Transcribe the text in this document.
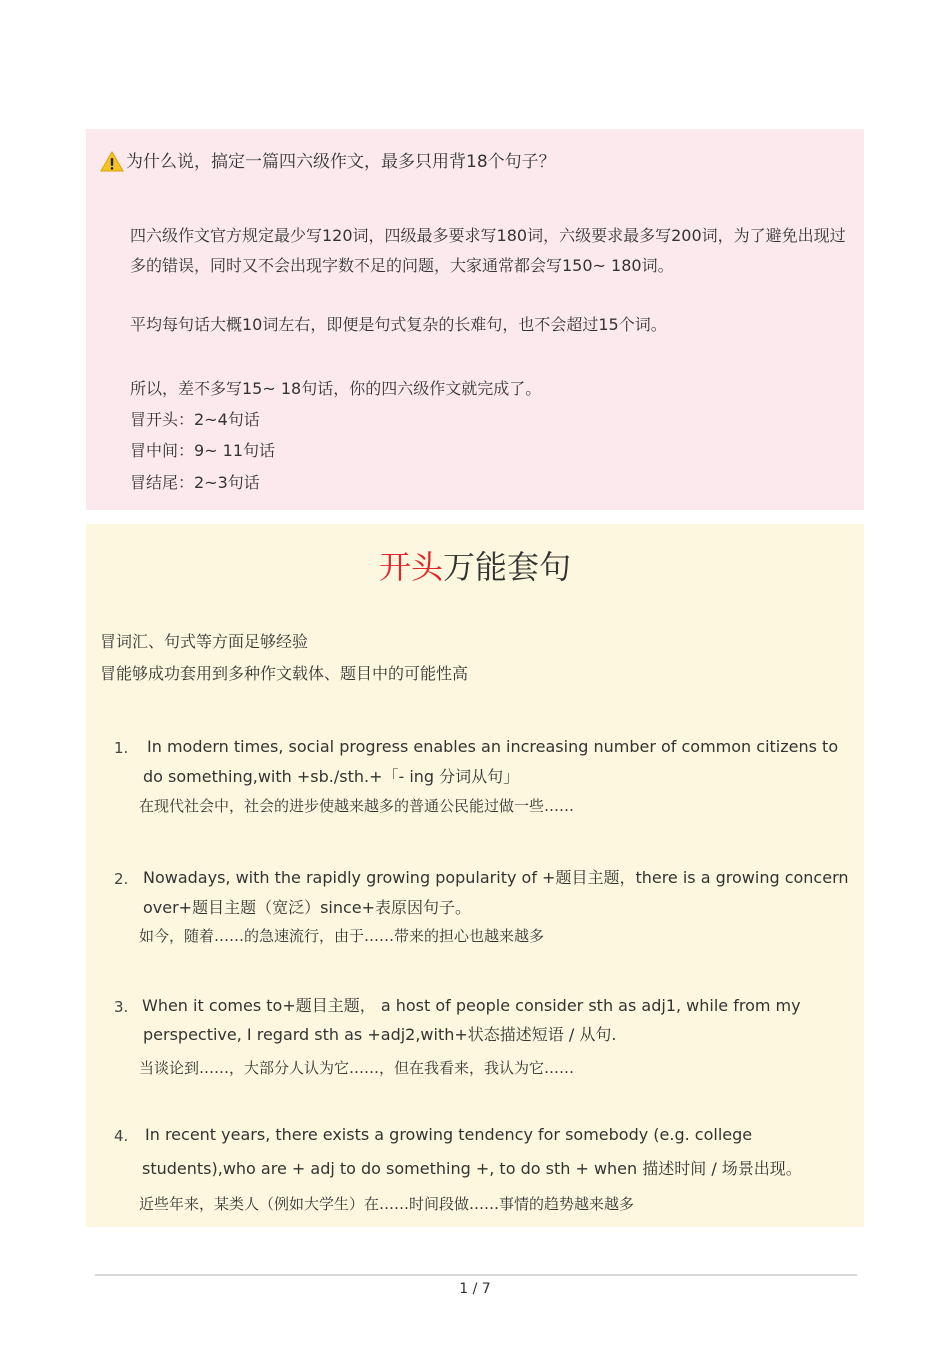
为什么说，搞定一篇四六级作文，最多只用背18个句子？
四六级作文官方规定最少写120词，四级最多要求写180词，六级要求最多写200词，为了避免出现过
多的错误，同时又不会出现字数不足的问题，大家通常都会写150~ 180词。
平均每句话大概10词左右，即便是句式复杂的长难句，也不会超过15个词。
所以，差不多写15~ 18句话，你的四六级作文就完成了。
冒开头：2~4句话
冒中间：9~ 11句话
冒结尾：2~3句话
开头万能套句
冒词汇、句式等方面足够经验
冒能够成功套用到多种作文载体、题目中的可能性高
1. In modern times, social progress enables an increasing number of common citizens to
do something,with +sb./sth.+「- ing 分词从句」
在现代社会中，社会的进步使越来越多的普通公民能过做一些……
2. Nowadays, with the rapidly growing popularity of +题目主题，there is a growing concern
over+题目主题（宽泛）since+表原因句子。
如今，随着……的急速流行，由于……带来的担心也越来越多
3. When it comes to+题目主题， a host of people consider sth as adj1, while from my
perspective, I regard sth as +adj2,with+状态描述短语 / 从句.
当谈论到……，大部分人认为它……，但在我看来，我认为它……
4. In recent years, there exists a growing tendency for somebody (e.g. college
students),who are + adj to do something +, to do sth + when 描述时间 / 场景出现。
近些年来，某类人（例如大学生）在……时间段做……事情的趋势越来越多
1 / 7
